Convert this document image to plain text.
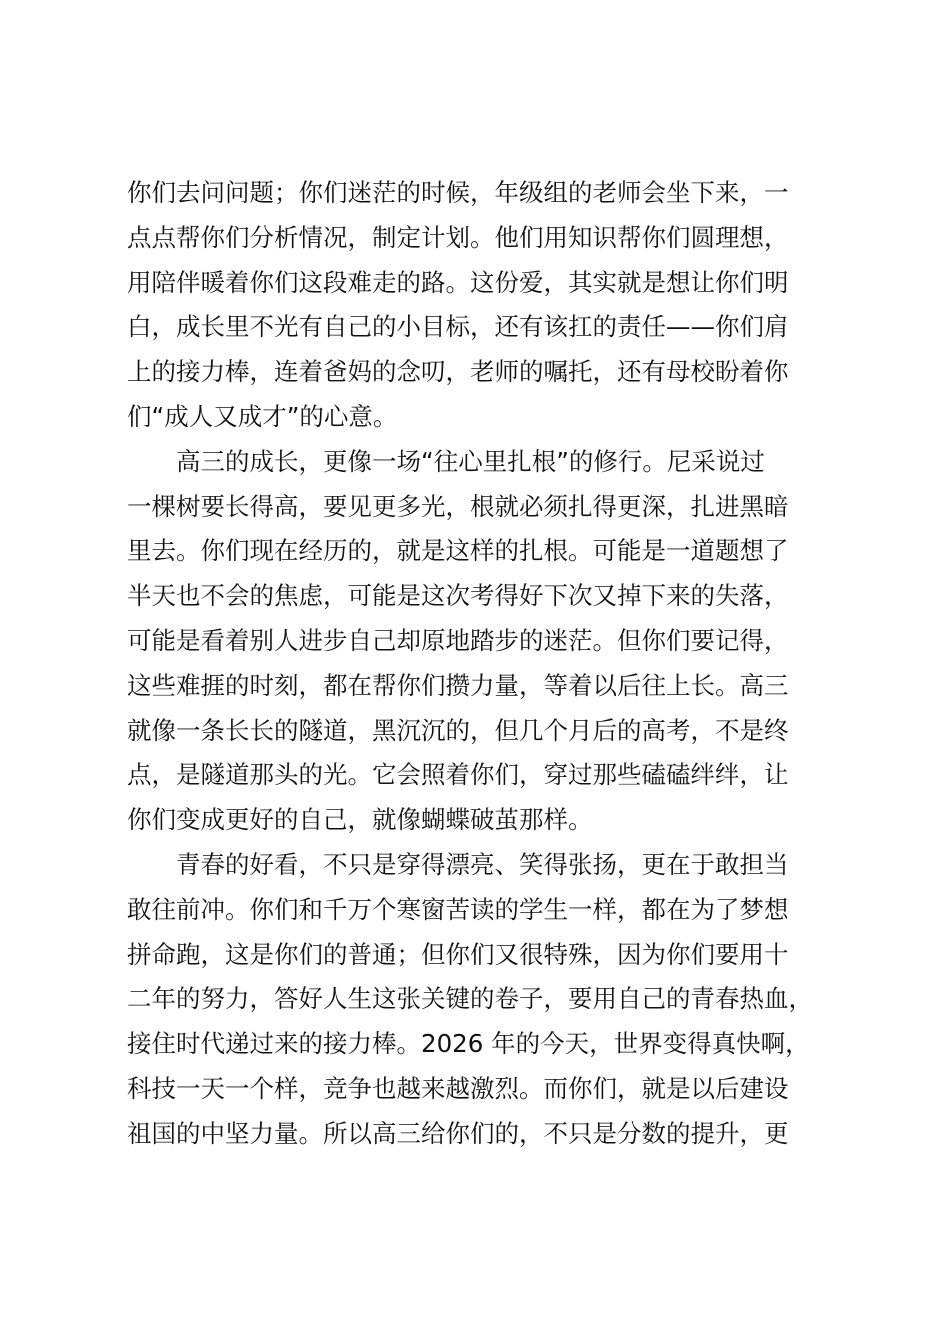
你们去问问题；你们迷茫的时候，年级组的老师会坐下来，一
点点帮你们分析情况，制定计划。他们用知识帮你们圆理想，
用陪伴暖着你们这段难走的路。这份爱，其实就是想让你们明
白，成长里不光有自己的小目标，还有该扛的责任——你们肩
上的接力棒，连着爸妈的念叨，老师的嘱托，还有母校盼着你
们“成人又成才”的心意。
高三的成长，更像一场“往心里扎根”的修行。尼采说过
一棵树要长得高，要见更多光，根就必须扎得更深，扎进黑暗
里去。你们现在经历的，就是这样的扎根。可能是一道题想了
半天也不会的焦虑，可能是这次考得好下次又掉下来的失落，
可能是看着别人进步自己却原地踏步的迷茫。但你们要记得，
这些难捱的时刻，都在帮你们攒力量，等着以后往上长。高三
就像一条长长的隧道，黑沉沉的，但几个月后的高考，不是终
点，是隧道那头的光。它会照着你们，穿过那些磕磕绊绊，让
你们变成更好的自己，就像蝴蝶破茧那样。
青春的好看，不只是穿得漂亮、笑得张扬，更在于敢担当
敢往前冲。你们和千万个寒窗苦读的学生一样，都在为了梦想
拼命跑，这是你们的普通；但你们又很特殊，因为你们要用十
二年的努力，答好人生这张关键的卷子，要用自己的青春热血，
接住时代递过来的接力棒。2026 年的今天，世界变得真快啊，
科技一天一个样，竞争也越来越激烈。而你们，就是以后建设
祖国的中坚力量。所以高三给你们的，不只是分数的提升，更
